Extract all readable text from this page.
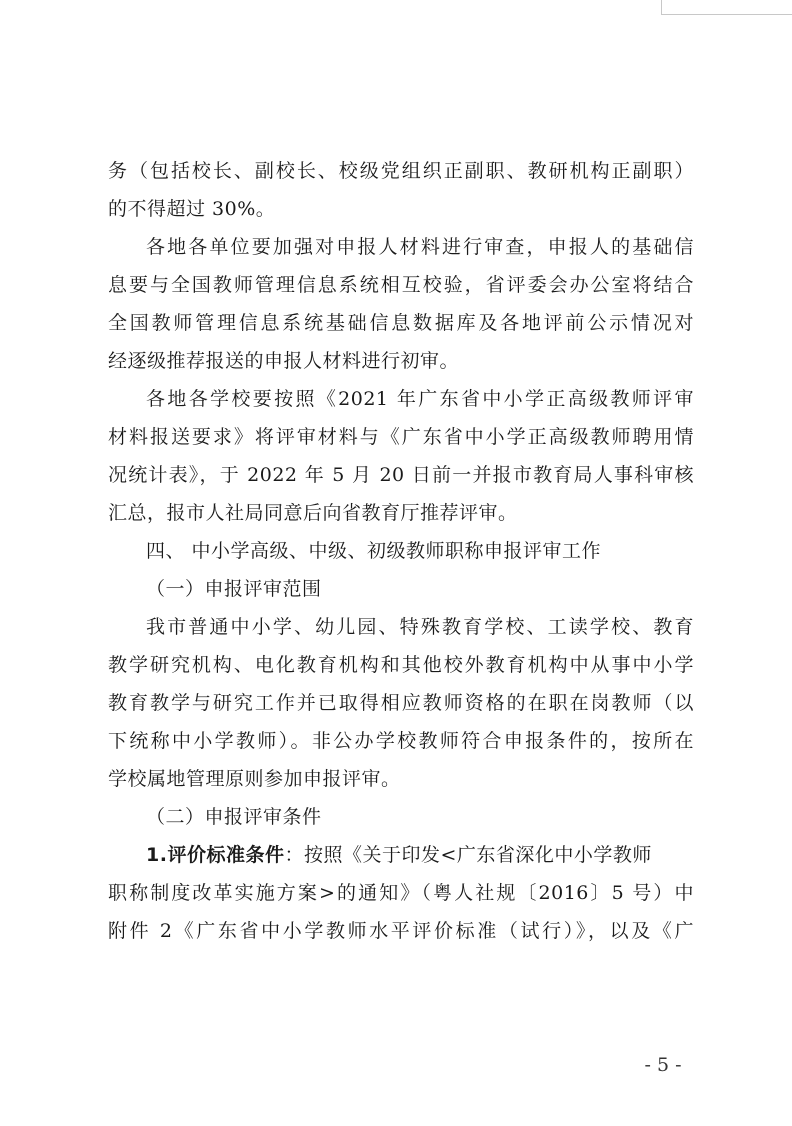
务（包括校长、副校长、校级党组织正副职、教研机构正副职）
的不得超过 30%。
各地各单位要加强对申报人材料进行审查，申报人的基础信
息要与全国教师管理信息系统相互校验，省评委会办公室将结合
全国教师管理信息系统基础信息数据库及各地评前公示情况对
经逐级推荐报送的申报人材料进行初审。
各地各学校要按照《2021 年广东省中小学正高级教师评审
材料报送要求》将评审材料与《广东省中小学正高级教师聘用情
况统计表》，于 2022 年 5 月 20 日前一并报市教育局人事科审核
汇总，报市人社局同意后向省教育厅推荐评审。
四、 中小学高级、中级、初级教师职称申报评审工作
（一）申报评审范围
我市普通中小学、幼儿园、特殊教育学校、工读学校、教育
教学研究机构、电化教育机构和其他校外教育机构中从事中小学
教育教学与研究工作并已取得相应教师资格的在职在岗教师（以
下统称中小学教师）。非公办学校教师符合申报条件的，按所在
学校属地管理原则参加申报评审。
（二）申报评审条件
1.评价标准条件：按照《关于印发<广东省深化中小学教师
职称制度改革实施方案>的通知》（粤人社规〔2016〕5 号）中
附件 2《广东省中小学教师水平评价标准（试行）》，以及《广
- 5 -
